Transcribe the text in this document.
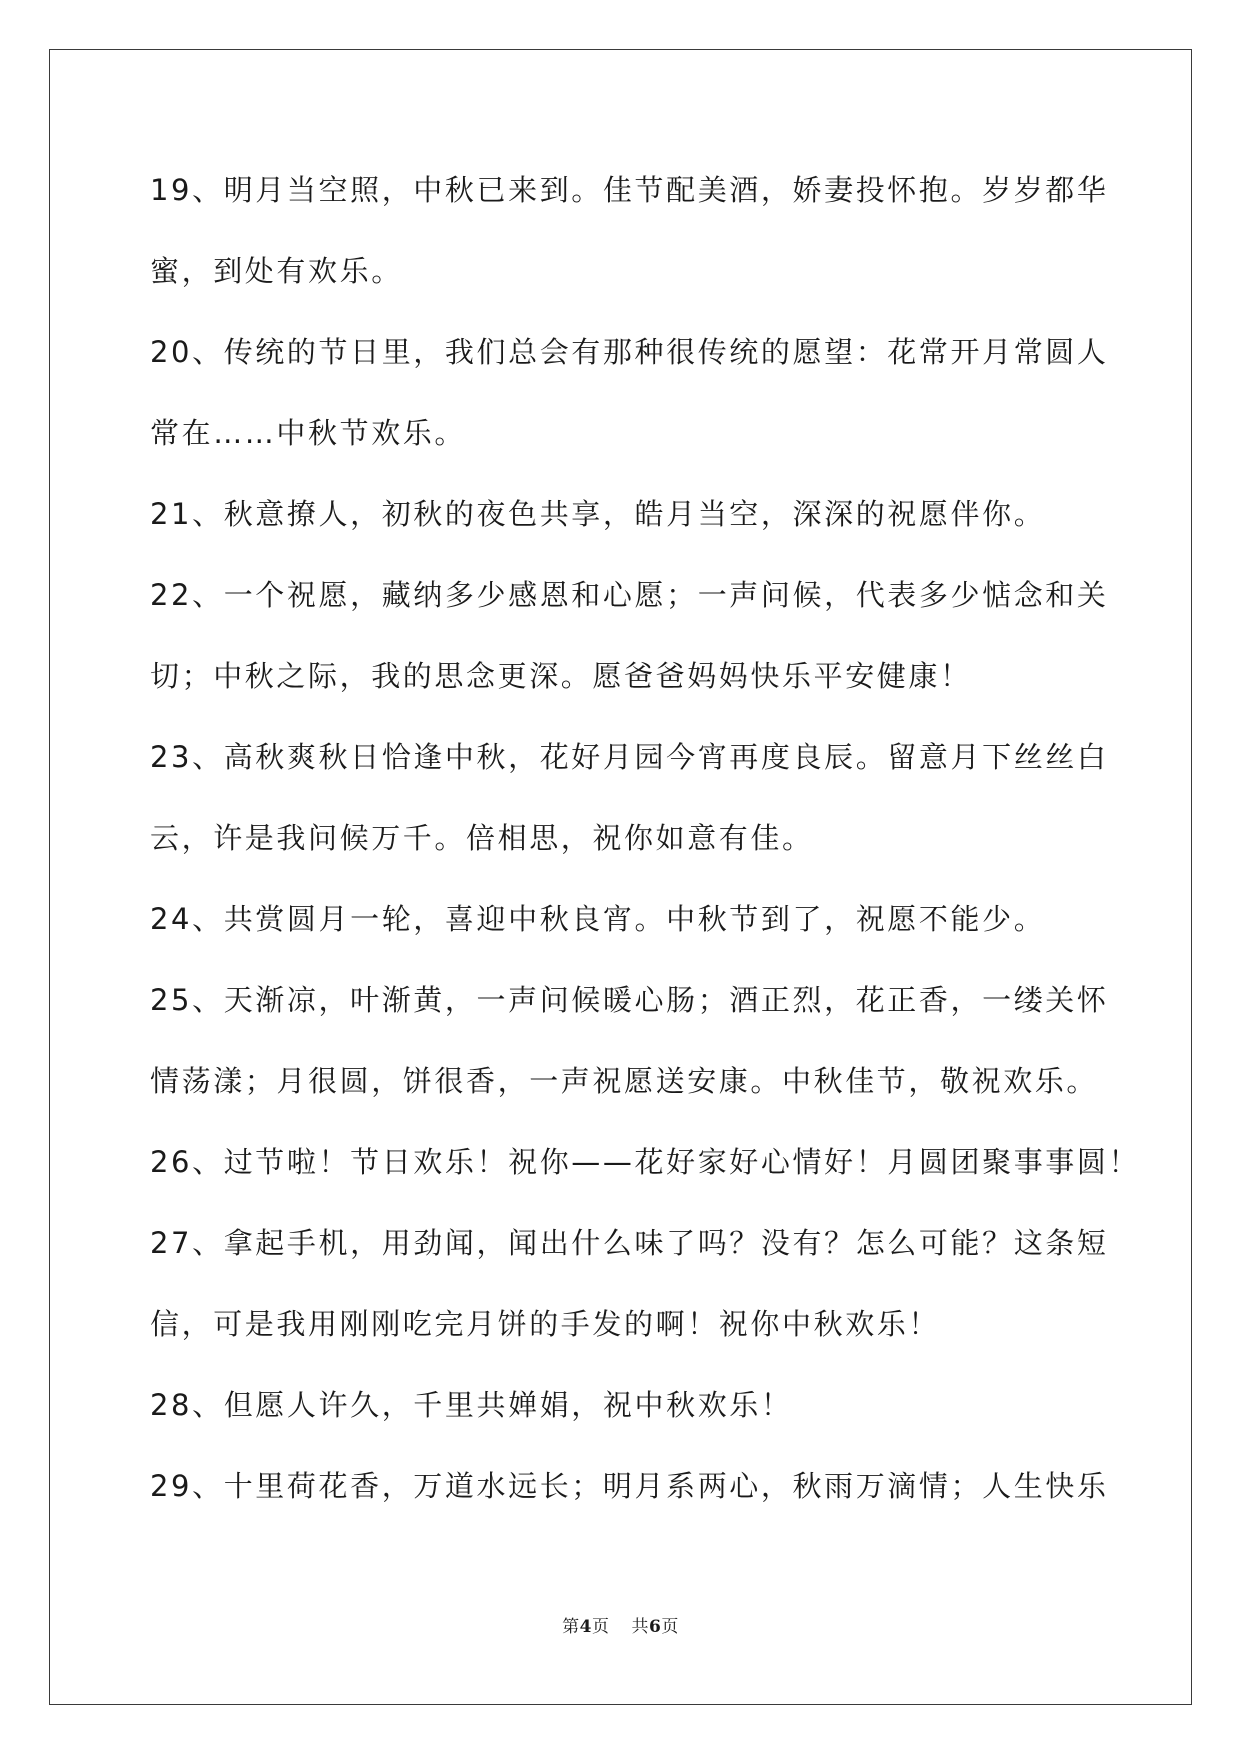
19、明月当空照，中秋已来到。佳节配美酒，娇妻投怀抱。岁岁都华
蜜，到处有欢乐。
20、传统的节日里，我们总会有那种很传统的愿望：花常开月常圆人
常在……中秋节欢乐。
21、秋意撩人，初秋的夜色共享，皓月当空，深深的祝愿伴你。
22、一个祝愿，藏纳多少感恩和心愿；一声问候，代表多少惦念和关
切；中秋之际，我的思念更深。愿爸爸妈妈快乐平安健康！
23、高秋爽秋日恰逢中秋，花好月园今宵再度良辰。留意月下丝丝白
云，许是我问候万千。倍相思，祝你如意有佳。
24、共赏圆月一轮，喜迎中秋良宵。中秋节到了，祝愿不能少。
25、天渐凉，叶渐黄，一声问候暖心肠；酒正烈，花正香，一缕关怀
情荡漾；月很圆，饼很香，一声祝愿送安康。中秋佳节，敬祝欢乐。
26、过节啦！节日欢乐！祝你——花好家好心情好！月圆团聚事事圆！
27、拿起手机，用劲闻，闻出什么味了吗？没有？怎么可能？这条短
信，可是我用刚刚吃完月饼的手发的啊！祝你中秋欢乐！
28、但愿人许久，千里共婵娟，祝中秋欢乐！
29、十里荷花香，万道水远长；明月系两心，秋雨万滴情；人生快乐
第4页 共6页
